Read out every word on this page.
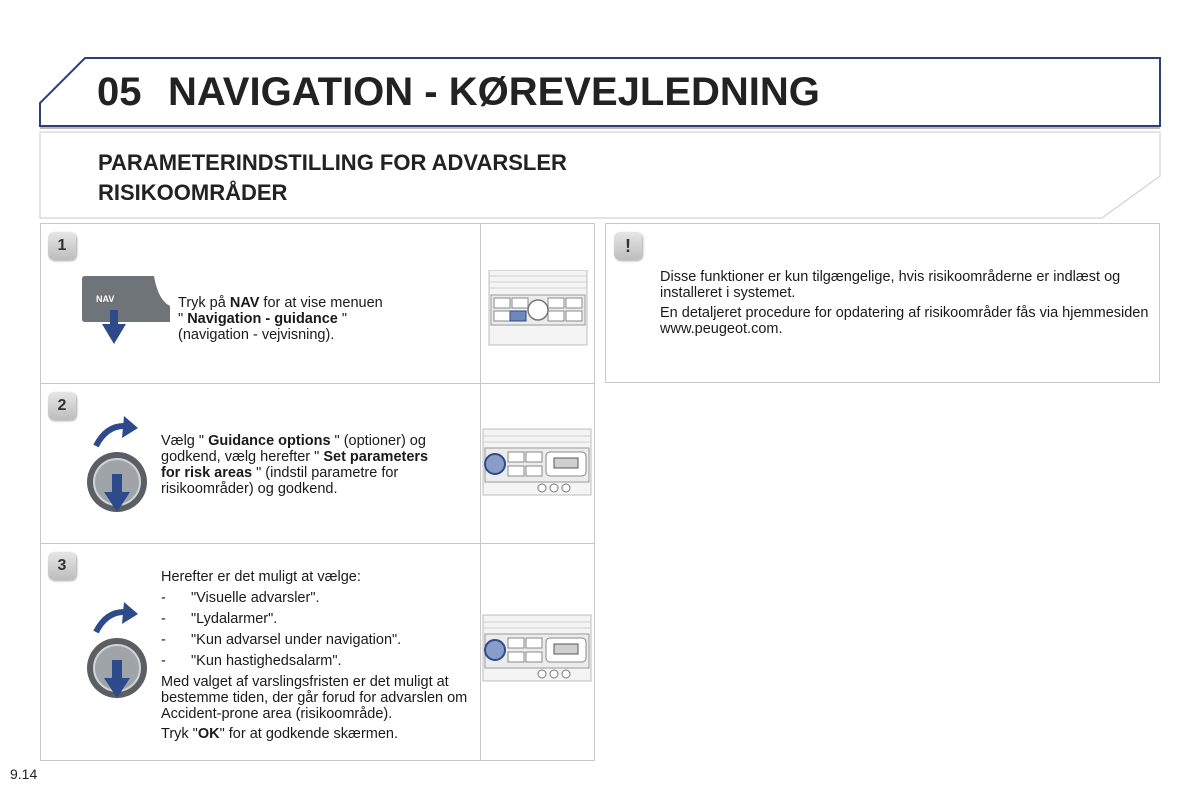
05 NAVIGATION - KØREVEJLEDNING
PARAMETERINDSTILLING FOR ADVARSLER
RISIKOOMRÅDER
1
NAV	Tryk på NAV for at vise menuen
" Navigation - guidance "
(navigation - vejvisning).
2
Vælg " Guidance options " (optioner) og
godkend, vælg herefter " Set parameters
for risk areas " (indstil parametre for
risikoområder) og godkend.
3
Herefter er det muligt at vælge:
- "Visuelle advarsler".
- "Lydalarmer".
- "Kun advarsel under navigation".
- "Kun hastighedsalarm".
Med valget af varslingsfristen er det muligt at bestemme tiden, der går forud for advarslen om Accident-prone area (risikoområde).
Tryk "OK" for at godkende skærmen.
!
Disse funktioner er kun tilgængelige, hvis risikoområderne er indlæst og installeret i systemet.
En detaljeret procedure for opdatering af risikoområder fås via hjemmesiden www.peugeot.com.
9.14
